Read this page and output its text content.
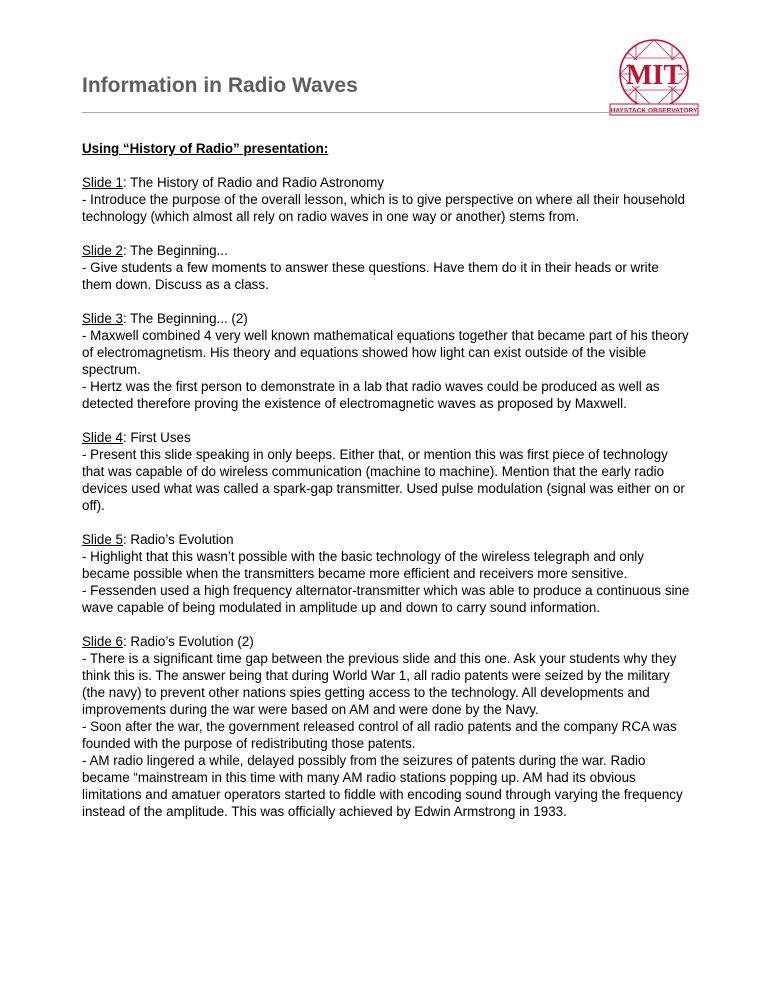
Information in Radio Waves	MIT
HAYSTACK OBSERVATORY

Using “History of Radio” presentation:

Slide 1: The History of Radio and Radio Astronomy

- Introduce the purpose of the overall lesson, which is to give perspective on where all their household technology (which almost all rely on radio waves in one way or another) stems from.

Slide 2: The Beginning...

- Give students a few moments to answer these questions. Have them do it in their heads or write them down. Discuss as a class.

Slide 3: The Beginning... (2)

- Maxwell combined 4 very well known mathematical equations together that became part of his theory of electromagnetism. His theory and equations showed how light can exist outside of the visible spectrum.

- Hertz was the first person to demonstrate in a lab that radio waves could be produced as well as detected therefore proving the existence of electromagnetic waves as proposed by Maxwell.

Slide 4: First Uses

- Present this slide speaking in only beeps. Either that, or mention this was first piece of technology that was capable of do wireless communication (machine to machine). Mention that the early radio devices used what was called a spark-gap transmitter. Used pulse modulation (signal was either on or off).

Slide 5: Radio’s Evolution

- Highlight that this wasn’t possible with the basic technology of the wireless telegraph and only became possible when the transmitters became more efficient and receivers more sensitive.

- Fessenden used a high frequency alternator-transmitter which was able to produce a continuous sine wave capable of being modulated in amplitude up and down to carry sound information.

Slide 6: Radio’s Evolution (2)

- There is a significant time gap between the previous slide and this one. Ask your students why they think this is. The answer being that during World War 1, all radio patents were seized by the military (the navy) to prevent other nations spies getting access to the technology. All developments and improvements during the war were based on AM and were done by the Navy.

- Soon after the war, the government released control of all radio patents and the company RCA was founded with the purpose of redistributing those patents.

- AM radio lingered a while, delayed possibly from the seizures of patents during the war. Radio became “mainstream in this time with many AM radio stations popping up. AM had its obvious limitations and amatuer operators started to fiddle with encoding sound through varying the frequency instead of the amplitude. This was officially achieved by Edwin Armstrong in 1933.
